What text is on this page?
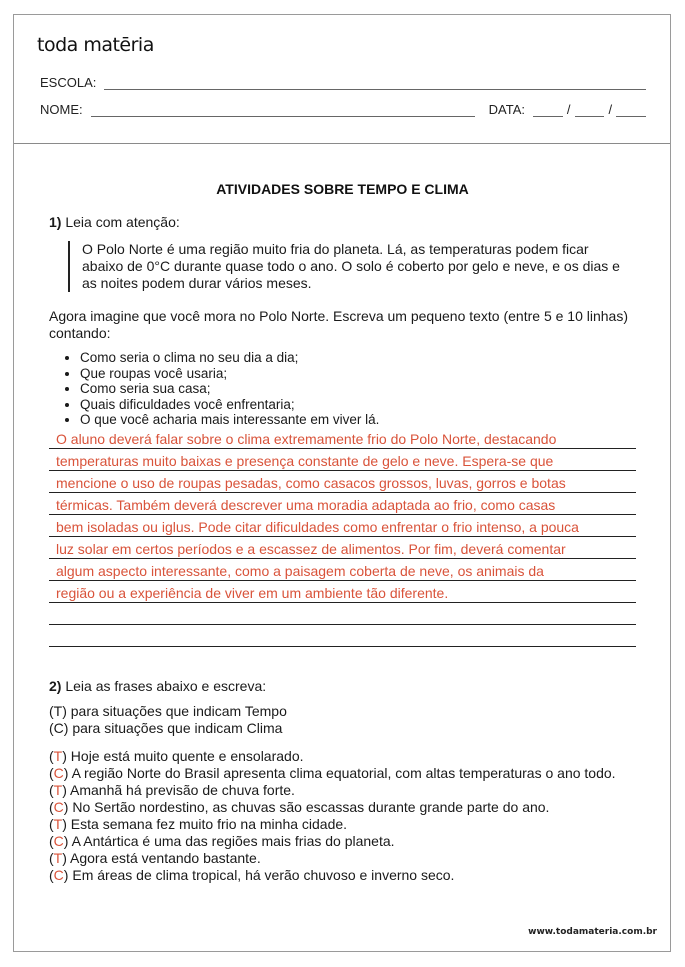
toda matēria
ESCOLA:
NOME:	DATA:	/	/
ATIVIDADES SOBRE TEMPO E CLIMA
1) Leia com atenção:
O Polo Norte é uma região muito fria do planeta. Lá, as temperaturas podem ficar abaixo de 0°C durante quase todo o ano. O solo é coberto por gelo e neve, e os dias e as noites podem durar vários meses.
Agora imagine que você mora no Polo Norte. Escreva um pequeno texto (entre 5 e 10 linhas) contando:
• Como seria o clima no seu dia a dia;
• Que roupas você usaria;
• Como seria sua casa;
• Quais dificuldades você enfrentaria;
• O que você acharia mais interessante em viver lá.
O aluno deverá falar sobre o clima extremamente frio do Polo Norte, destacando
temperaturas muito baixas e presença constante de gelo e neve. Espera-se que
mencione o uso de roupas pesadas, como casacos grossos, luvas, gorros e botas
térmicas. Também deverá descrever uma moradia adaptada ao frio, como casas
bem isoladas ou iglus. Pode citar dificuldades como enfrentar o frio intenso, a pouca
luz solar em certos períodos e a escassez de alimentos. Por fim, deverá comentar
algum aspecto interessante, como a paisagem coberta de neve, os animais da
região ou a experiência de viver em um ambiente tão diferente.
2) Leia as frases abaixo e escreva:
(T) para situações que indicam Tempo
(C) para situações que indicam Clima
(T) Hoje está muito quente e ensolarado.
(C) A região Norte do Brasil apresenta clima equatorial, com altas temperaturas o ano todo.
(T) Amanhã há previsão de chuva forte.
(C) No Sertão nordestino, as chuvas são escassas durante grande parte do ano.
(T) Esta semana fez muito frio na minha cidade.
(C) A Antártica é uma das regiões mais frias do planeta.
(T) Agora está ventando bastante.
(C) Em áreas de clima tropical, há verão chuvoso e inverno seco.
www.todamateria.com.br
